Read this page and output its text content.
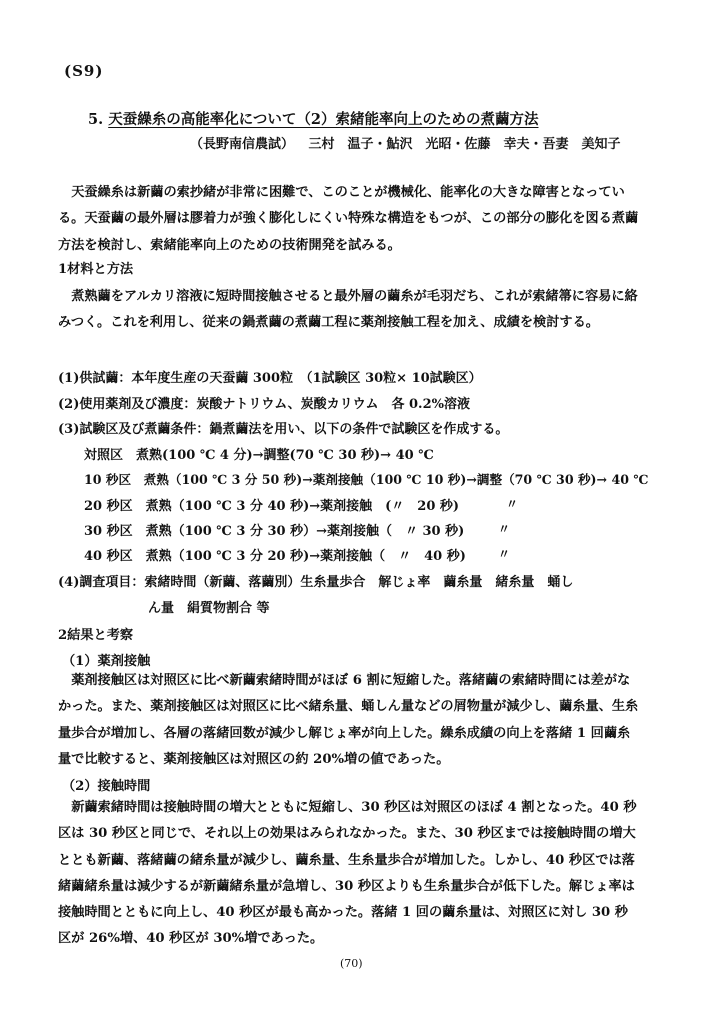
(S9)
5. 天蚕繰糸の高能率化について（2）索緒能率向上のための煮繭方法
（長野南信農試） 三村　温子・鮎沢　光昭・佐藤　幸夫・吾妻　美知子

天蚕繰糸は新繭の索抄緒が非常に困難で、このことが機械化、能率化の大きな障害となっている。天蚕繭の最外層は膠着力が強く膨化しにくい特殊な構造をもつが、この部分の膨化を図る煮繭方法を検討し、索緒能率向上のための技術開発を試みる。

1材料と方法

煮熟繭をアルカリ溶液に短時間接触させると最外層の繭糸が毛羽だち、これが索緒箒に容易に絡みつく。これを利用し、従来の鍋煮繭の煮繭工程に薬剤接触工程を加え、成績を検討する。

(1)供試繭：本年度生産の天蚕繭 300粒　（1試験区 30粒× 10試験区）
(2)使用薬剤及び濃度：炭酸ナトリウム、炭酸カリウム　各 0.2%溶液
(3)試験区及び煮繭条件：鍋煮繭法を用い、以下の条件で試験区を作成する。
対照区　煮熟(100 ℃ 4 分)→調整(70 ℃ 30 秒)→ 40 ℃
10 秒区　煮熟（100 ℃ 3 分 50 秒)→薬剤接触（100 ℃ 10 秒)→調整（70 ℃ 30 秒)→ 40 ℃
20 秒区　煮熟（100 ℃ 3 分 40 秒)→薬剤接触　(〃　20 秒)	〃
30 秒区　煮熟（100 ℃ 3 分 30 秒）→薬剤接触（　〃 30 秒)	〃
40 秒区　煮熟（100 ℃ 3 分 20 秒)→薬剤接触（　〃　40 秒)	〃
(4)調査項目：索緒時間（新繭、落繭別）生糸量歩合　解じょ率　繭糸量　緒糸量　蛹し
ん量　絹質物割合 等
2結果と考察
（1）薬剤接触

薬剤接触区は対照区に比べ新繭索緒時間がほぼ 6 割に短縮した。落緒繭の索緒時間には差がなかった。また、薬剤接触区は対照区に比べ緒糸量、蛹しん量などの屑物量が減少し、繭糸量、生糸量歩合が増加し、各層の落緒回数が減少し解じょ率が向上した。繰糸成績の向上を落緒 1 回繭糸量で比較すると、薬剤接触区は対照区の約 20%増の値であった。

（2）接触時間

新繭索緒時間は接触時間の増大とともに短縮し、30 秒区は対照区のほぼ 4 割となった。40 秒区は 30 秒区と同じで、それ以上の効果はみられなかった。また、30 秒区までは接触時間の増大ととも新繭、落緒繭の緒糸量が減少し、繭糸量、生糸量歩合が増加した。しかし、40 秒区では落緒繭緒糸量は減少するが新繭緒糸量が急増し、30 秒区よりも生糸量歩合が低下した。解じょ率は接触時間とともに向上し、40 秒区が最も高かった。落緒 1 回の繭糸量は、対照区に対し 30 秒区が 26%増、40 秒区が 30%増であった。

(70)
